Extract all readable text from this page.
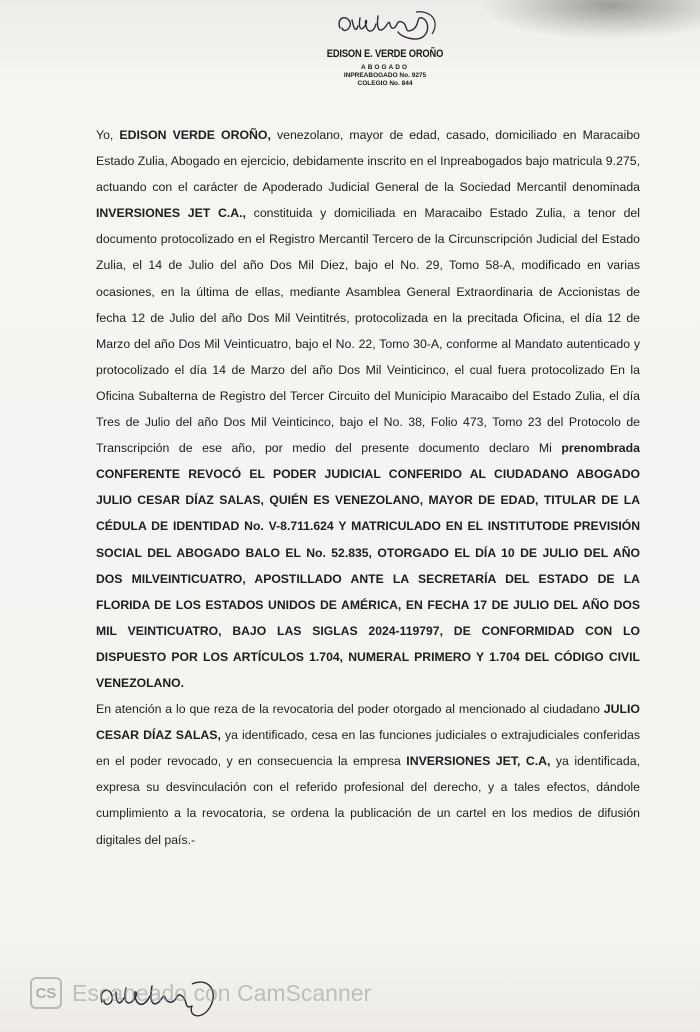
EDISON E. VERDE OROÑO
ABOGADO
INPREABOGADO No. 9275
COLEGIO No. 844

Yo, EDISON VERDE OROÑO, venezolano, mayor de edad, casado, domiciliado en Maracaibo Estado Zulia, Abogado en ejercicio, debidamente inscrito en el Inpreabogados bajo matricula 9.275, actuando con el carácter de Apoderado Judicial General de la Sociedad Mercantil denominada INVERSIONES JET C.A., constituida y domiciliada en Maracaibo Estado Zulia, a tenor del documento protocolizado en el Registro Mercantil Tercero de la Circunscripción Judicial del Estado Zulia, el 14 de Julio del año Dos Mil Diez, bajo el No. 29, Tomo 58-A, modificado en varias ocasiones, en la última de ellas, mediante Asamblea General Extraordinaria de Accionistas de fecha 12 de Julio del año Dos Mil Veintitrés, protocolizada en la precitada Oficina, el día 12 de Marzo del año Dos Mil Veinticuatro, bajo el No. 22, Tomo 30-A, conforme al Mandato autenticado y protocolizado el día 14 de Marzo del año Dos Mil Veinticinco, el cual fuera protocolizado En la Oficina Subalterna de Registro del Tercer Circuito del Municipio Maracaibo del Estado Zulia, el día Tres de Julio del año Dos Mil Veinticinco, bajo el No. 38, Folio 473, Tomo 23 del Protocolo de Transcripción de ese año, por medio del presente documento declaro Mi prenombrada CONFERENTE REVOCÓ EL PODER JUDICIAL CONFERIDO AL CIUDADANO ABOGADO JULIO CESAR DÍAZ SALAS, QUIÉN ES VENEZOLANO, MAYOR DE EDAD, TITULAR DE LA CÉDULA DE IDENTIDAD No. V-8.711.624 Y MATRICULADO EN EL INSTITUTODE PREVISIÓN SOCIAL DEL ABOGADO BALO EL No. 52.835, OTORGADO EL DÍA 10 DE JULIO DEL AÑO DOS MILVEINTICUATRO, APOSTILLADO ANTE LA SECRETARÍA DEL ESTADO DE LA FLORIDA DE LOS ESTADOS UNIDOS DE AMÉRICA, EN FECHA 17 DE JULIO DEL AÑO DOS MIL VEINTICUATRO, BAJO LAS SIGLAS 2024-119797, DE CONFORMIDAD CON LO DISPUESTO POR LOS ARTÍCULOS 1.704, NUMERAL PRIMERO Y 1.704 DEL CÓDIGO CIVIL VENEZOLANO.

En atención a lo que reza de la revocatoria del poder otorgado al mencionado al ciudadano JULIO CESAR DÍAZ SALAS, ya identificado, cesa en las funciones judiciales o extrajudiciales conferidas en el poder revocado, y en consecuencia la empresa INVERSIONES JET, C.A, ya identificada, expresa su desvinculación con el referido profesional del derecho, y a tales efectos, dándole cumplimiento a la revocatoria, se ordena la publicación de un cartel en los medios de difusión digitales del país.-

CS Escaneado con CamScanner
